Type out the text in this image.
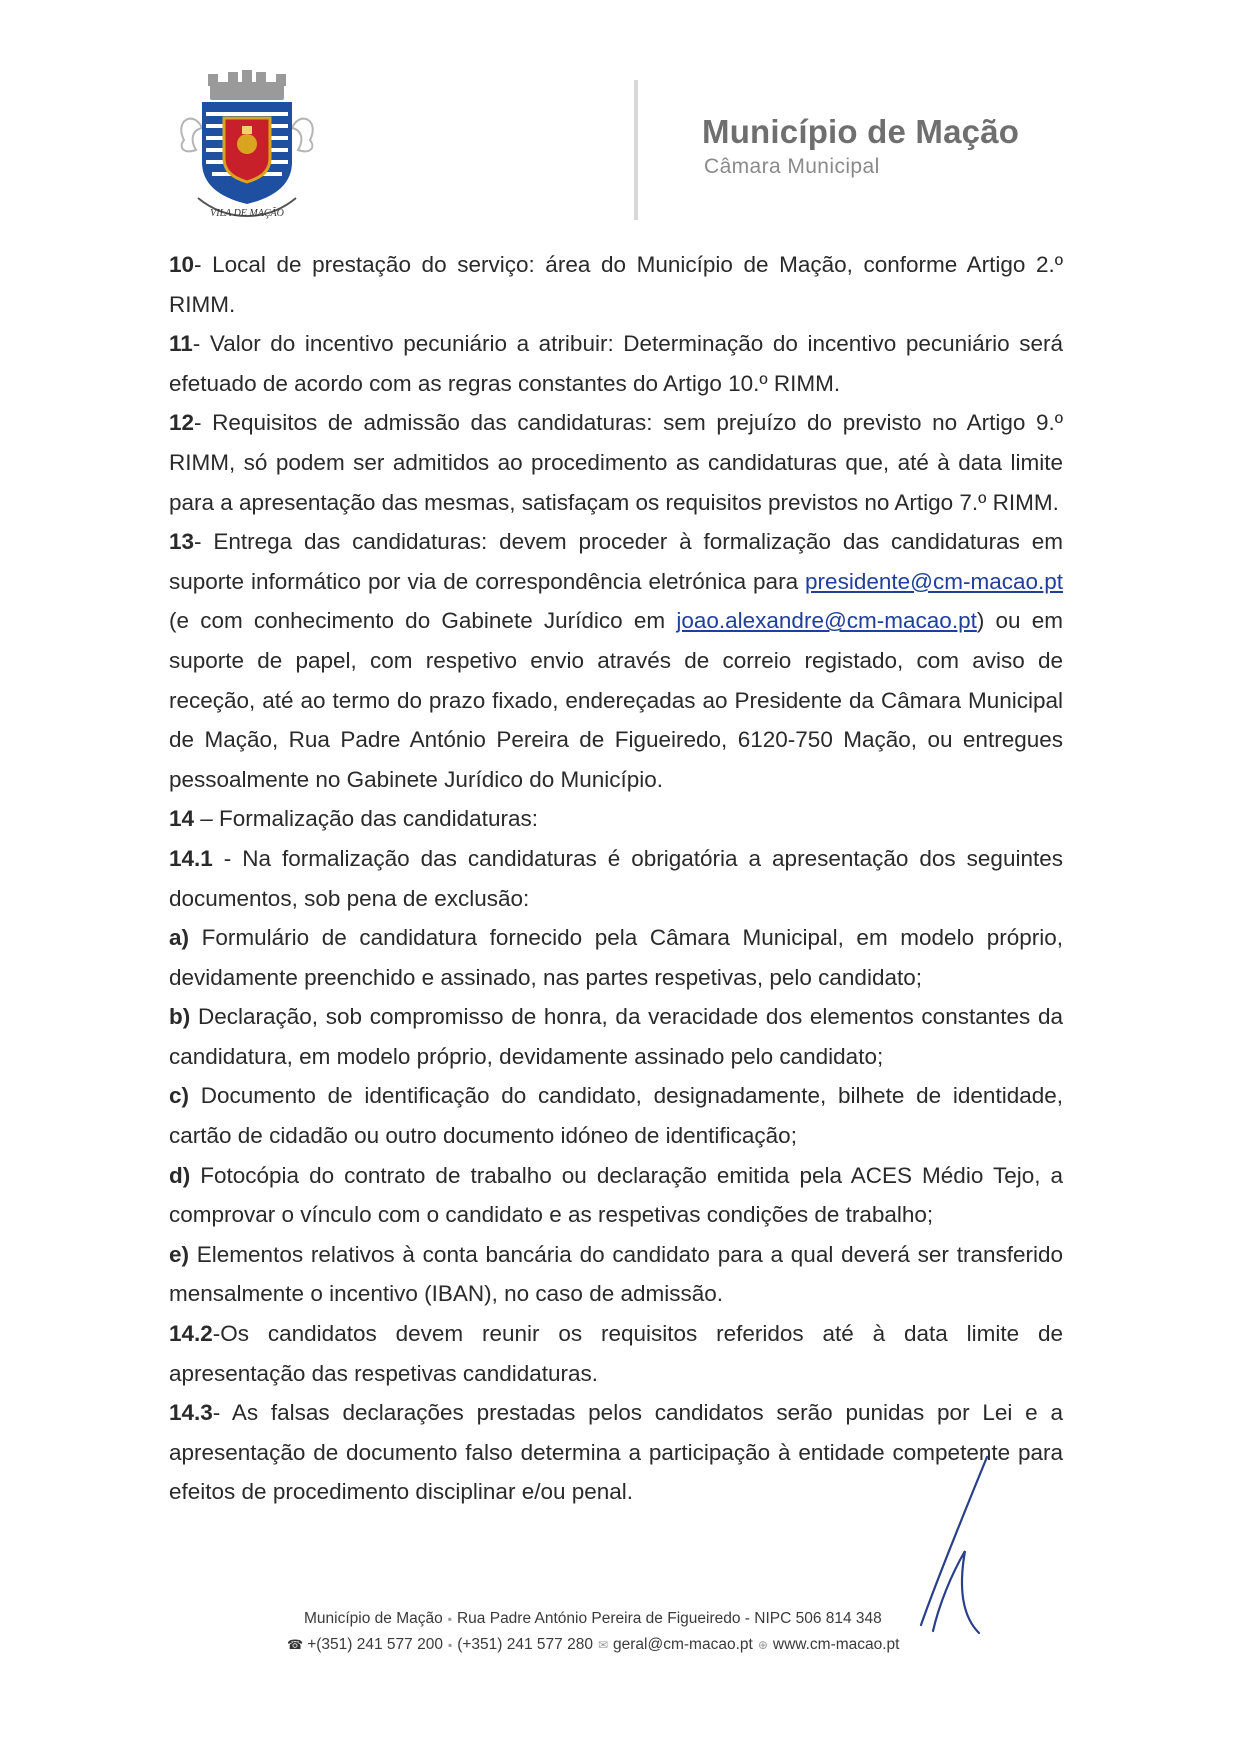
VILA DE MAÇÃO
Município de Mação
Câmara Municipal

10- Local de prestação do serviço: área do Município de Mação, conforme Artigo 2.º RIMM.

11- Valor do incentivo pecuniário a atribuir: Determinação do incentivo pecuniário será efetuado de acordo com as regras constantes do Artigo 10.º RIMM.

12- Requisitos de admissão das candidaturas: sem prejuízo do previsto no Artigo 9.º RIMM, só podem ser admitidos ao procedimento as candidaturas que, até à data limite para a apresentação das mesmas, satisfaçam os requisitos previstos no Artigo 7.º RIMM.

13- Entrega das candidaturas: devem proceder à formalização das candidaturas em suporte informático por via de correspondência eletrónica para presidente@cm-macao.pt (e com conhecimento do Gabinete Jurídico em joao.alexandre@cm-macao.pt) ou em suporte de papel, com respetivo envio através de correio registado, com aviso de receção, até ao termo do prazo fixado, endereçadas ao Presidente da Câmara Municipal de Mação, Rua Padre António Pereira de Figueiredo, 6120-750 Mação, ou entregues pessoalmente no Gabinete Jurídico do Município.

14 – Formalização das candidaturas:

14.1 - Na formalização das candidaturas é obrigatória a apresentação dos seguintes documentos, sob pena de exclusão:

a) Formulário de candidatura fornecido pela Câmara Municipal, em modelo próprio, devidamente preenchido e assinado, nas partes respetivas, pelo candidato;

b) Declaração, sob compromisso de honra, da veracidade dos elementos constantes da candidatura, em modelo próprio, devidamente assinado pelo candidato;

c) Documento de identificação do candidato, designadamente, bilhete de identidade, cartão de cidadão ou outro documento idóneo de identificação;

d) Fotocópia do contrato de trabalho ou declaração emitida pela ACES Médio Tejo, a comprovar o vínculo com o candidato e as respetivas condições de trabalho;

e) Elementos relativos à conta bancária do candidato para a qual deverá ser transferido mensalmente o incentivo (IBAN), no caso de admissão.

14.2-Os candidatos devem reunir os requisitos referidos até à data limite de apresentação das respetivas candidaturas.

14.3- As falsas declarações prestadas pelos candidatos serão punidas por Lei e a apresentação de documento falso determina a participação à entidade competente para efeitos de procedimento disciplinar e/ou penal.

Município de Mação ▪ Rua Padre António Pereira de Figueiredo - NIPC 506 814 348
☎ +(351) 241 577 200 ▪ (+351) 241 577 280 ✉ geral@cm-macao.pt ⊕ www.cm-macao.pt
